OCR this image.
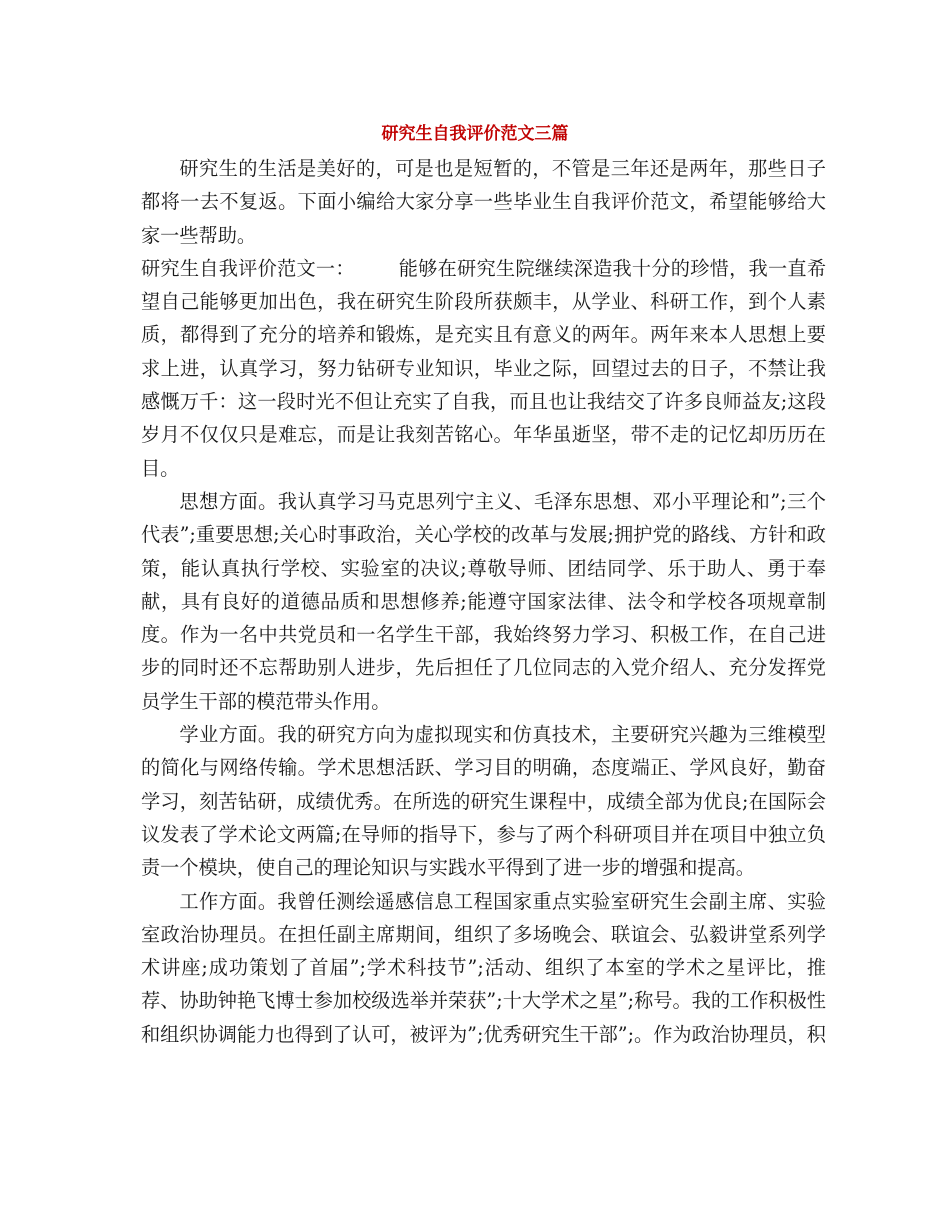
研究生自我评价范文三篇

研究生的生活是美好的，可是也是短暂的，不管是三年还是两年，那些日子都将一去不复返。下面小编给大家分享一些毕业生自我评价范文，希望能够给大家一些帮助。

研究生自我评价范文一： 能够在研究生院继续深造我十分的珍惜，我一直希望自己能够更加出色，我在研究生阶段所获颇丰，从学业、科研工作，到个人素质，都得到了充分的培养和锻炼，是充实且有意义的两年。两年来本人思想上要求上进，认真学习，努力钻研专业知识，毕业之际，回望过去的日子，不禁让我感慨万千：这一段时光不但让充实了自我，而且也让我结交了许多良师益友;这段岁月不仅仅只是难忘，而是让我刻苦铭心。年华虽逝坚，带不走的记忆却历历在目。

思想方面。我认真学习马克思列宁主义、毛泽东思想、邓小平理论和”;三个代表”;重要思想;关心时事政治，关心学校的改革与发展;拥护党的路线、方针和政策，能认真执行学校、实验室的决议;尊敬导师、团结同学、乐于助人、勇于奉献，具有良好的道德品质和思想修养;能遵守国家法律、法令和学校各项规章制度。作为一名中共党员和一名学生干部，我始终努力学习、积极工作，在自己进步的同时还不忘帮助别人进步，先后担任了几位同志的入党介绍人、充分发挥党员学生干部的模范带头作用。

学业方面。我的研究方向为虚拟现实和仿真技术，主要研究兴趣为三维模型的简化与网络传输。学术思想活跃、学习目的明确，态度端正、学风良好，勤奋学习，刻苦钻研，成绩优秀。在所选的研究生课程中，成绩全部为优良;在国际会议发表了学术论文两篇;在导师的指导下，参与了两个科研项目并在项目中独立负责一个模块，使自己的理论知识与实践水平得到了进一步的增强和提高。

工作方面。我曾任测绘遥感信息工程国家重点实验室研究生会副主席、实验室政治协理员。在担任副主席期间，组织了多场晚会、联谊会、弘毅讲堂系列学术讲座;成功策划了首届”;学术科技节”;活动、组织了本室的学术之星评比，推荐、协助钟艳飞博士参加校级选举并荣获”;十大学术之星”;称号。我的工作积极性和组织协调能力也得到了认可，被评为”;优秀研究生干部”;。作为政治协理员，积
